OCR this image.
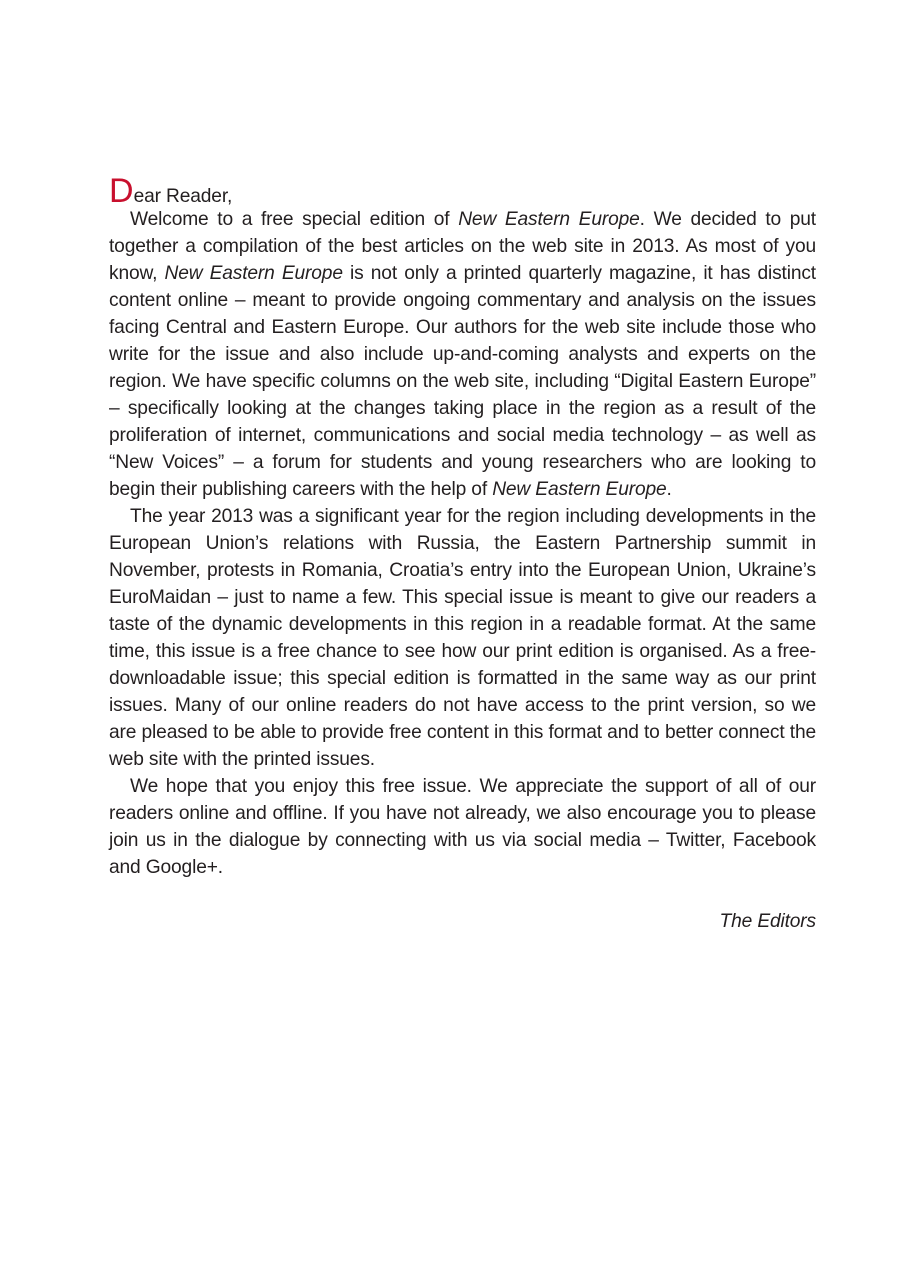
Dear Reader,

Welcome to a free special edition of New Eastern Europe. We decided to put together a compilation of the best articles on the web site in 2013. As most of you know, New Eastern Europe is not only a printed quarterly magazine, it has distinct content online – meant to provide ongoing commentary and analysis on the issues facing Central and Eastern Europe. Our authors for the web site include those who write for the issue and also include up-and-coming analysts and experts on the region. We have specific columns on the web site, including “Digital Eastern Europe” – specifically looking at the changes taking place in the region as a result of the proliferation of internet, communications and social media technology – as well as “New Voices” – a forum for students and young researchers who are looking to begin their publishing careers with the help of New Eastern Europe.

The year 2013 was a significant year for the region including developments in the European Union’s relations with Russia, the Eastern Partnership summit in November, protests in Romania, Croatia’s entry into the European Union, Ukraine’s EuroMaidan – just to name a few. This special issue is meant to give our readers a taste of the dynamic developments in this region in a readable format. At the same time, this issue is a free chance to see how our print edition is organised. As a free-downloadable issue; this special edition is formatted in the same way as our print issues. Many of our online readers do not have access to the print version, so we are pleased to be able to provide free content in this format and to better connect the web site with the printed issues.

We hope that you enjoy this free issue. We appreciate the support of all of our readers online and offline. If you have not already, we also encourage you to please join us in the dialogue by connecting with us via social media – Twitter, Facebook and Google+.

The Editors
